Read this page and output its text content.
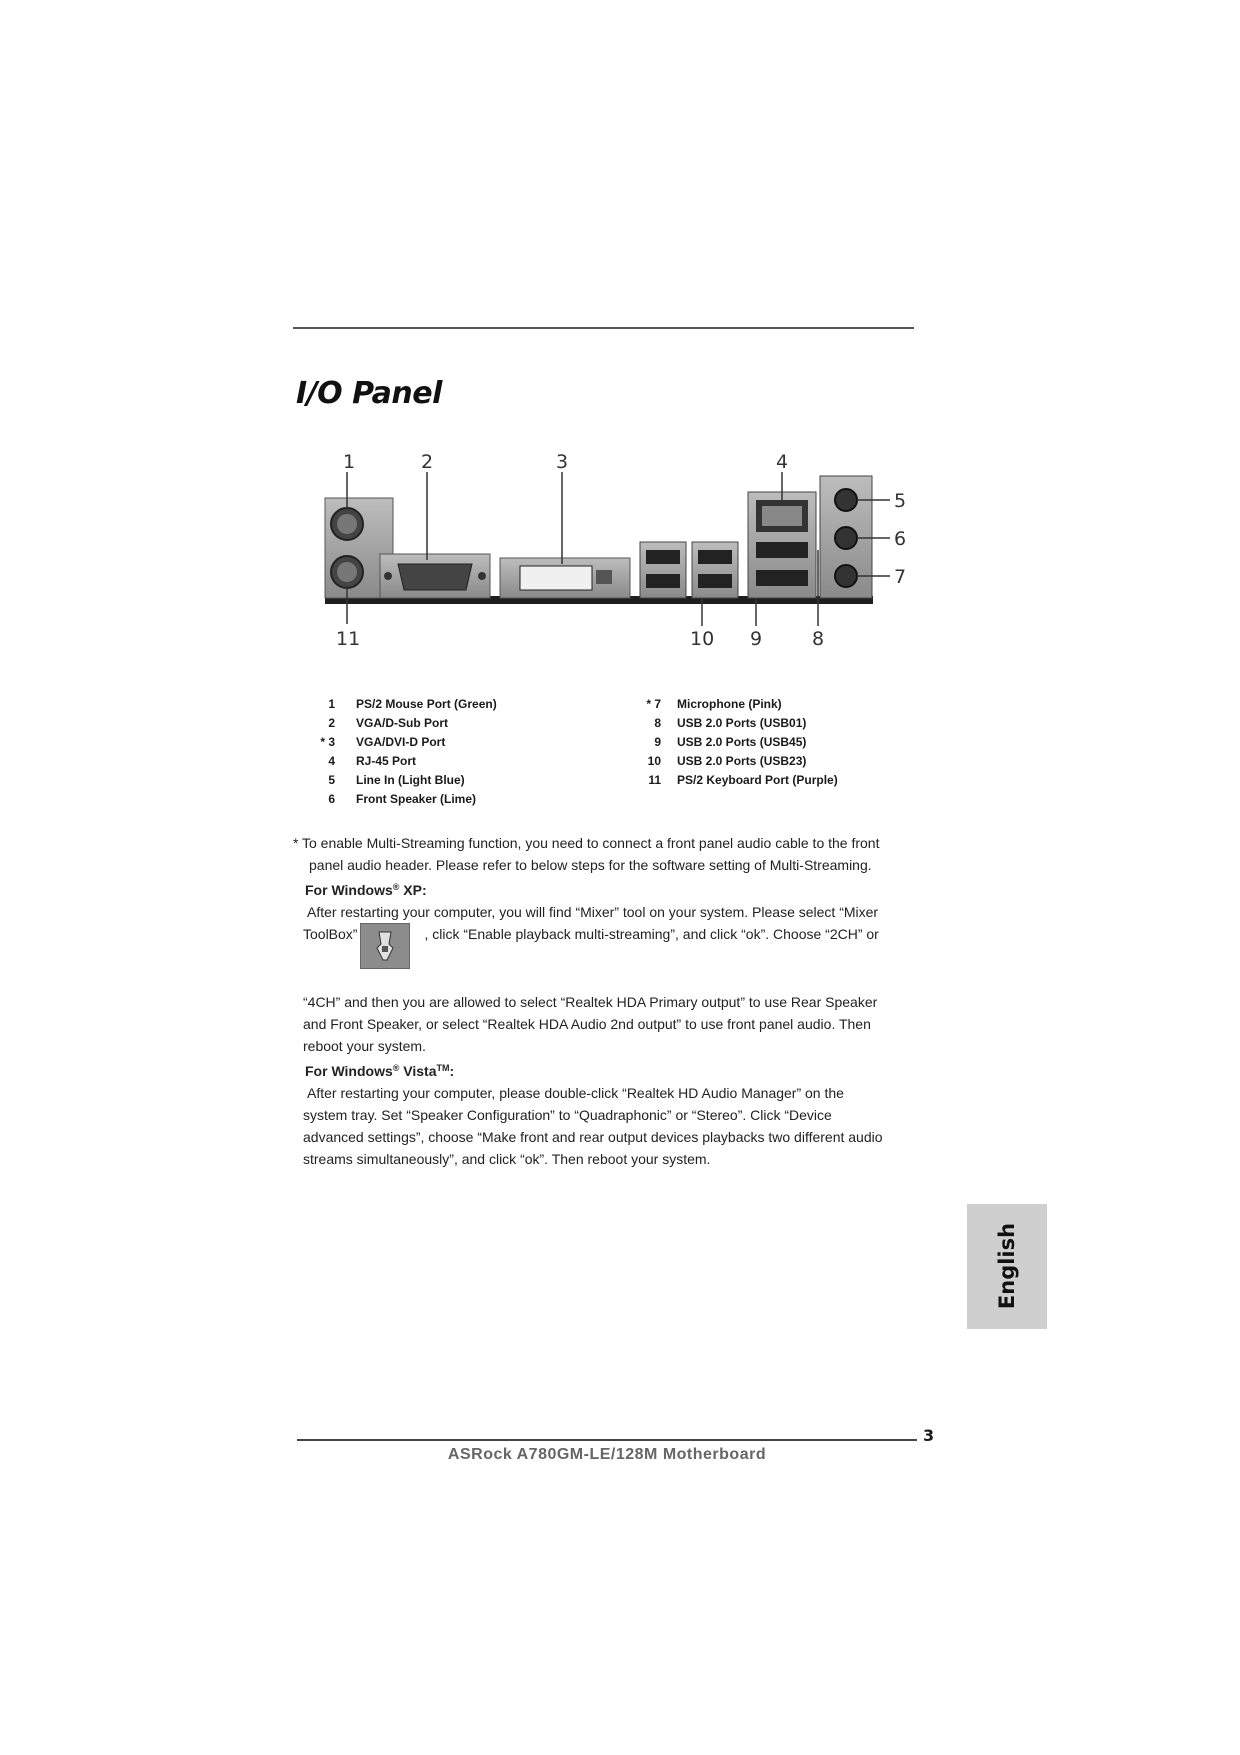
I/O Panel
1	2	3	4
5
6
7
11	10 9	8
1 PS/2 Mouse Port (Green)
2 VGA/D-Sub Port
* 3 VGA/DVI-D Port
4 RJ-45 Port
5 Line In (Light Blue)
6 Front Speaker (Lime)
* 7 Microphone (Pink)
8 USB 2.0 Ports (USB01)
9 USB 2.0 Ports (USB45)
10 USB 2.0 Ports (USB23)
11 PS/2 Keyboard Port (Purple)
* To enable Multi-Streaming function, you need to connect a front panel audio cable to the front

panel audio header. Please refer to below steps for the software setting of Multi-Streaming.

For Windows® XP:

After restarting your computer, you will find “Mixer” tool on your system. Please select “Mixer

ToolBox”	, click “Enable playback multi-streaming”, and click “ok”. Choose “2CH” or

“4CH” and then you are allowed to select “Realtek HDA Primary output” to use Rear Speaker

and Front Speaker, or select “Realtek HDA Audio 2nd output” to use front panel audio. Then

reboot your system.

For Windows® Vista™:

After restarting your computer, please double-click “Realtek HD Audio Manager” on the

system tray. Set “Speaker Configuration” to “Quadraphonic” or “Stereo”. Click “Device

advanced settings”, choose “Make front and rear output devices playbacks two different audio

streams simultaneously”, and click “ok”. Then reboot your system.

English
3
ASRock A780GM-LE/128M Motherboard
